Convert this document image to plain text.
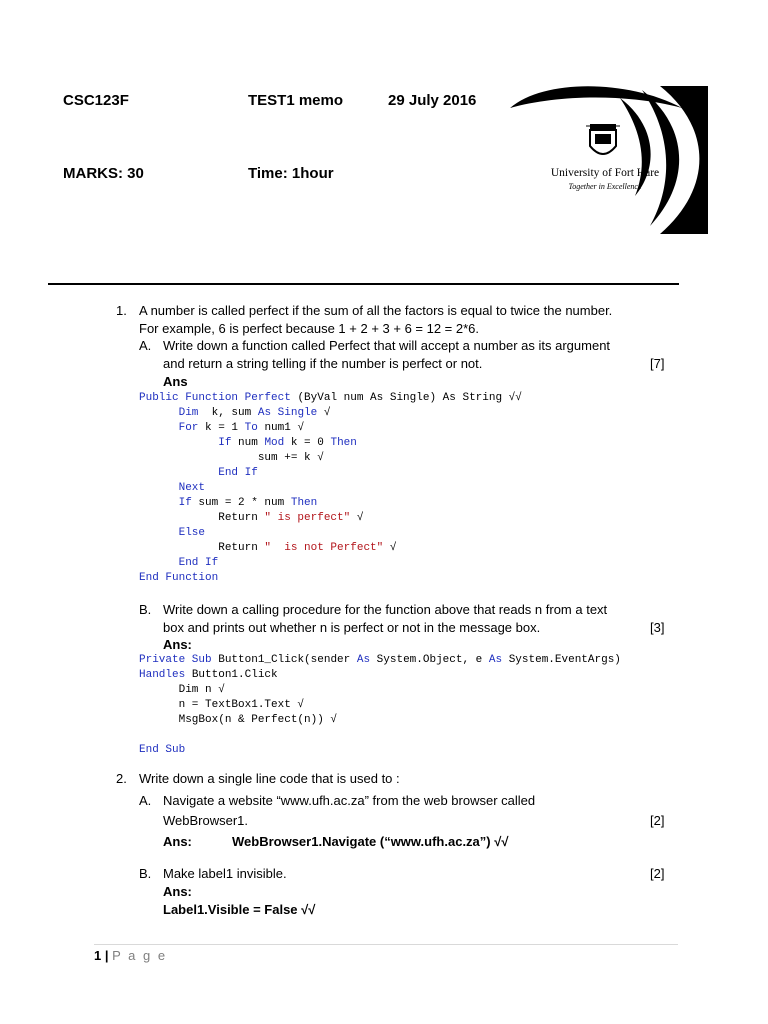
CSC123F	TEST1 memo	29 July 2016
MARKS: 30	Time: 1hour	University of Fort Hare
Together in Excellence
1. A number is called perfect if the sum of all the factors is equal to twice the number.
For example, 6 is perfect because 1 + 2 + 3 + 6 = 12 = 2*6.
A. Write down a function called Perfect that will accept a number as its argument
and return a string telling if the number is perfect or not.	[7]
Ans
Public Function Perfect (ByVal num As Single) As String √√
Dim  k, sum As Single √
For k = 1 To num1 √
If num Mod k = 0 Then
sum += k √
End If
Next
If sum = 2 * num Then
Return " is perfect" √
Else
Return "  is not Perfect" √
End If
End Function
B. Write down a calling procedure for the function above that reads n from a text
box and prints out whether n is perfect or not in the message box.	[3]
Ans:
Private Sub Button1_Click(sender As System.Object, e As System.EventArgs)
Handles Button1.Click
Dim n √
n = TextBox1.Text √
MsgBox(n & Perfect(n)) √
End Sub
2. Write down a single line code that is used to :
A. Navigate a website “www.ufh.ac.za” from the web browser called
WebBrowser1.	[2]
Ans:	WebBrowser1.Navigate (“www.ufh.ac.za”) √√
B. Make label1 invisible.	[2]
Ans:
Label1.Visible = False √√
1 | P a g e
